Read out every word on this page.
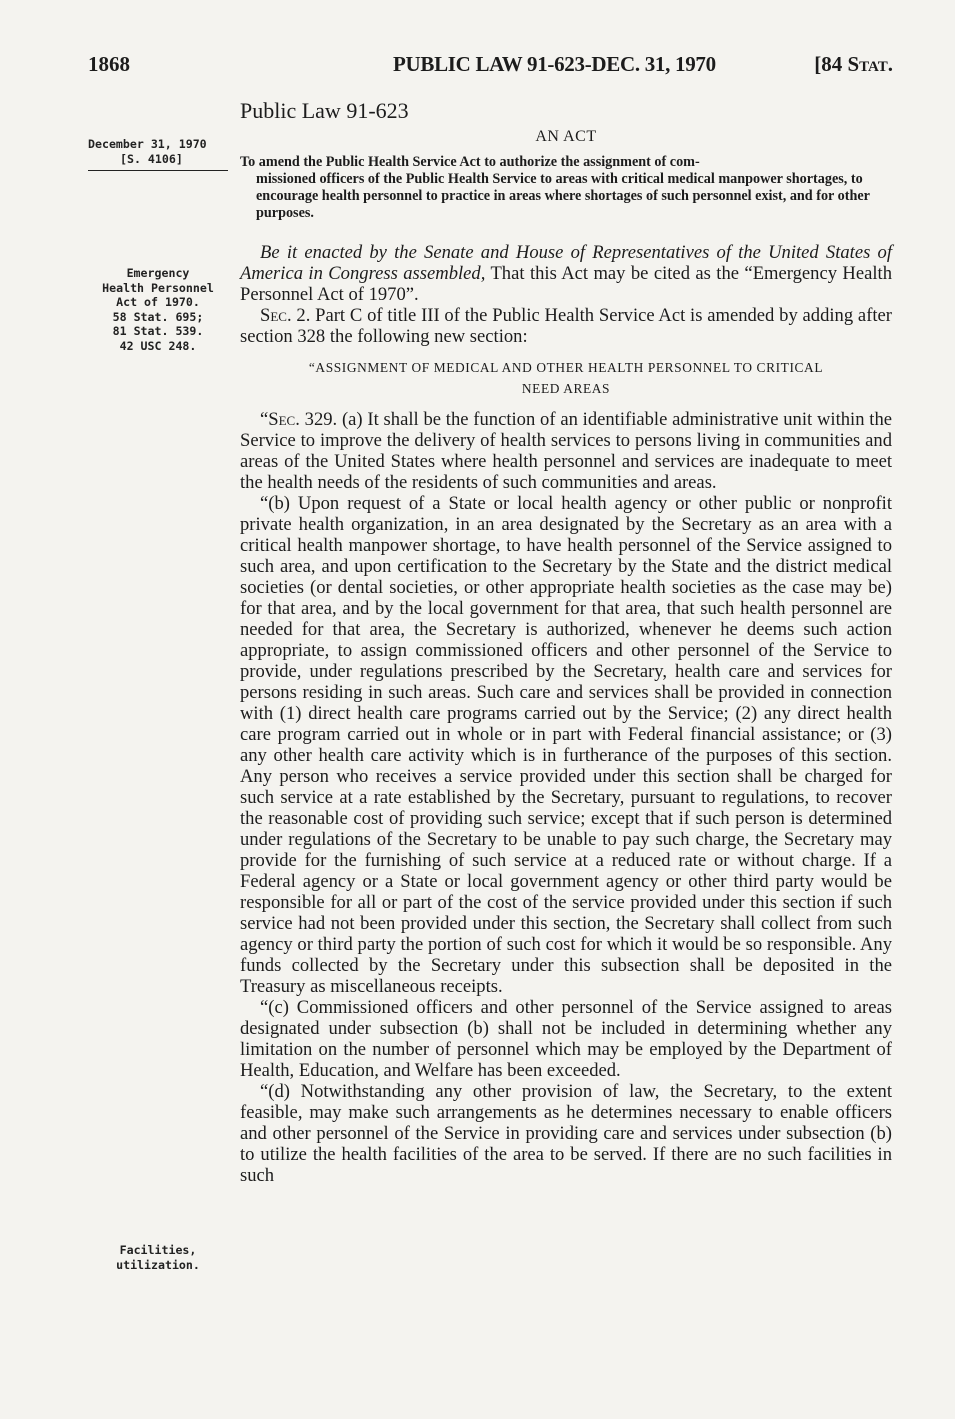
1868	PUBLIC LAW 91-623-DEC. 31, 1970	[84 Stat.
Public Law 91-623
AN ACT
To amend the Public Health Service Act to authorize the assignment of com-
missioned officers of the Public Health Service to areas with critical medical manpower shortages, to encourage health personnel to practice in areas where shortages of such personnel exist, and for other purposes.
December 31, 1970
[S. 4106]
Emergency
Health Personnel
Act of 1970.
58 Stat. 695;
81 Stat. 539.
42 USC 248.
Facilities,
utilization.

Be it enacted by the Senate and House of Representatives of the United States of America in Congress assembled, That this Act may be cited as the “Emergency Health Personnel Act of 1970”.

Sec. 2. Part C of title III of the Public Health Service Act is amended by adding after section 328 the following new section:

“ASSIGNMENT OF MEDICAL AND OTHER HEALTH PERSONNEL TO CRITICAL
NEED AREAS

“Sec. 329. (a) It shall be the function of an identifiable administrative unit within the Service to improve the delivery of health services to persons living in communities and areas of the United States where health personnel and services are inadequate to meet the health needs of the residents of such communities and areas.

“(b) Upon request of a State or local health agency or other public or nonprofit private health organization, in an area designated by the Secretary as an area with a critical health manpower shortage, to have health personnel of the Service assigned to such area, and upon certification to the Secretary by the State and the district medical societies (or dental societies, or other appropriate health societies as the case may be) for that area, and by the local government for that area, that such health personnel are needed for that area, the Secretary is authorized, whenever he deems such action appropriate, to assign commissioned officers and other personnel of the Service to provide, under regulations prescribed by the Secretary, health care and services for persons residing in such areas. Such care and services shall be provided in connection with (1) direct health care programs carried out by the Service; (2) any direct health care program carried out in whole or in part with Federal financial assistance; or (3) any other health care activity which is in furtherance of the purposes of this section. Any person who receives a service provided under this section shall be charged for such service at a rate established by the Secretary, pursuant to regulations, to recover the reasonable cost of providing such service; except that if such person is determined under regulations of the Secretary to be unable to pay such charge, the Secretary may provide for the furnishing of such service at a reduced rate or without charge. If a Federal agency or a State or local government agency or other third party would be responsible for all or part of the cost of the service provided under this section if such service had not been provided under this section, the Secretary shall collect from such agency or third party the portion of such cost for which it would be so responsible. Any funds collected by the Secretary under this subsection shall be deposited in the Treasury as miscellaneous receipts.

“(c) Commissioned officers and other personnel of the Service assigned to areas designated under subsection (b) shall not be included in determining whether any limitation on the number of personnel which may be employed by the Department of Health, Education, and Welfare has been exceeded.

“(d) Notwithstanding any other provision of law, the Secretary, to the extent feasible, may make such arrangements as he determines necessary to enable officers and other personnel of the Service in providing care and services under subsection (b) to utilize the health facilities of the area to be served. If there are no such facilities in such
